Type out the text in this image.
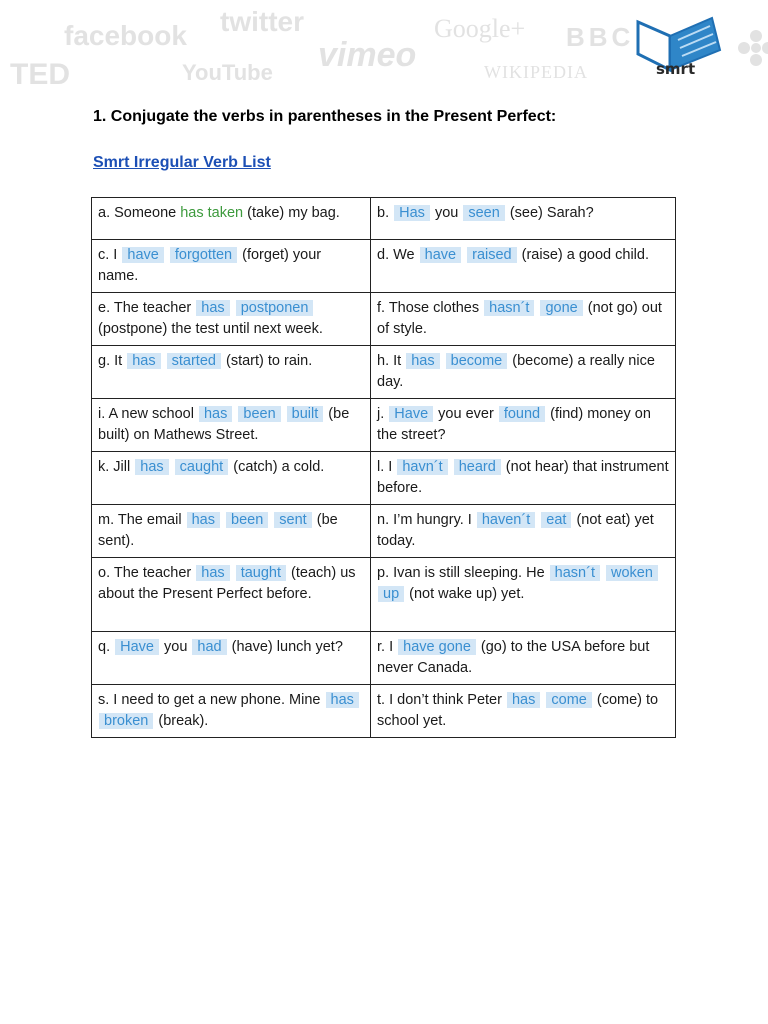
facebook twitter	Google+ BBC
vimeo
YouTube
TED	WIKIPEDIA	smrt
1. Conjugate the verbs in parentheses in the Present Perfect:
Smrt Irregular Verb List
a. Someone has taken (take) my bag.	b. Has you seen (see) Sarah?
c. I have forgotten (forget) your name.	d. We have raised (raise) a good child.
e. The teacher has postponen (postpone) the test until next week.	f. Those clothes hasn´t gone (not go) out of style.
g. It has started (start) to rain.	h. It has become (become) a really nice day.
i. A new school has been built (be built) on Mathews Street.	j. Have you ever found (find) money on the street?
k. Jill has caught (catch) a cold.	l. I havn´t heard (not hear) that instrument before.
m. The email has been sent (be sent).	n. I’m hungry. I haven´t eat (not eat) yet today.
o. The teacher has taught (teach) us about the Present Perfect before.	p. Ivan is still sleeping. He hasn´t woken up (not wake up) yet.
q. Have you had (have) lunch yet?	r. I have gone (go) to the USA before but never Canada.
s. I need to get a new phone. Mine has broken (break).	t. I don’t think Peter has come (come) to school yet.
